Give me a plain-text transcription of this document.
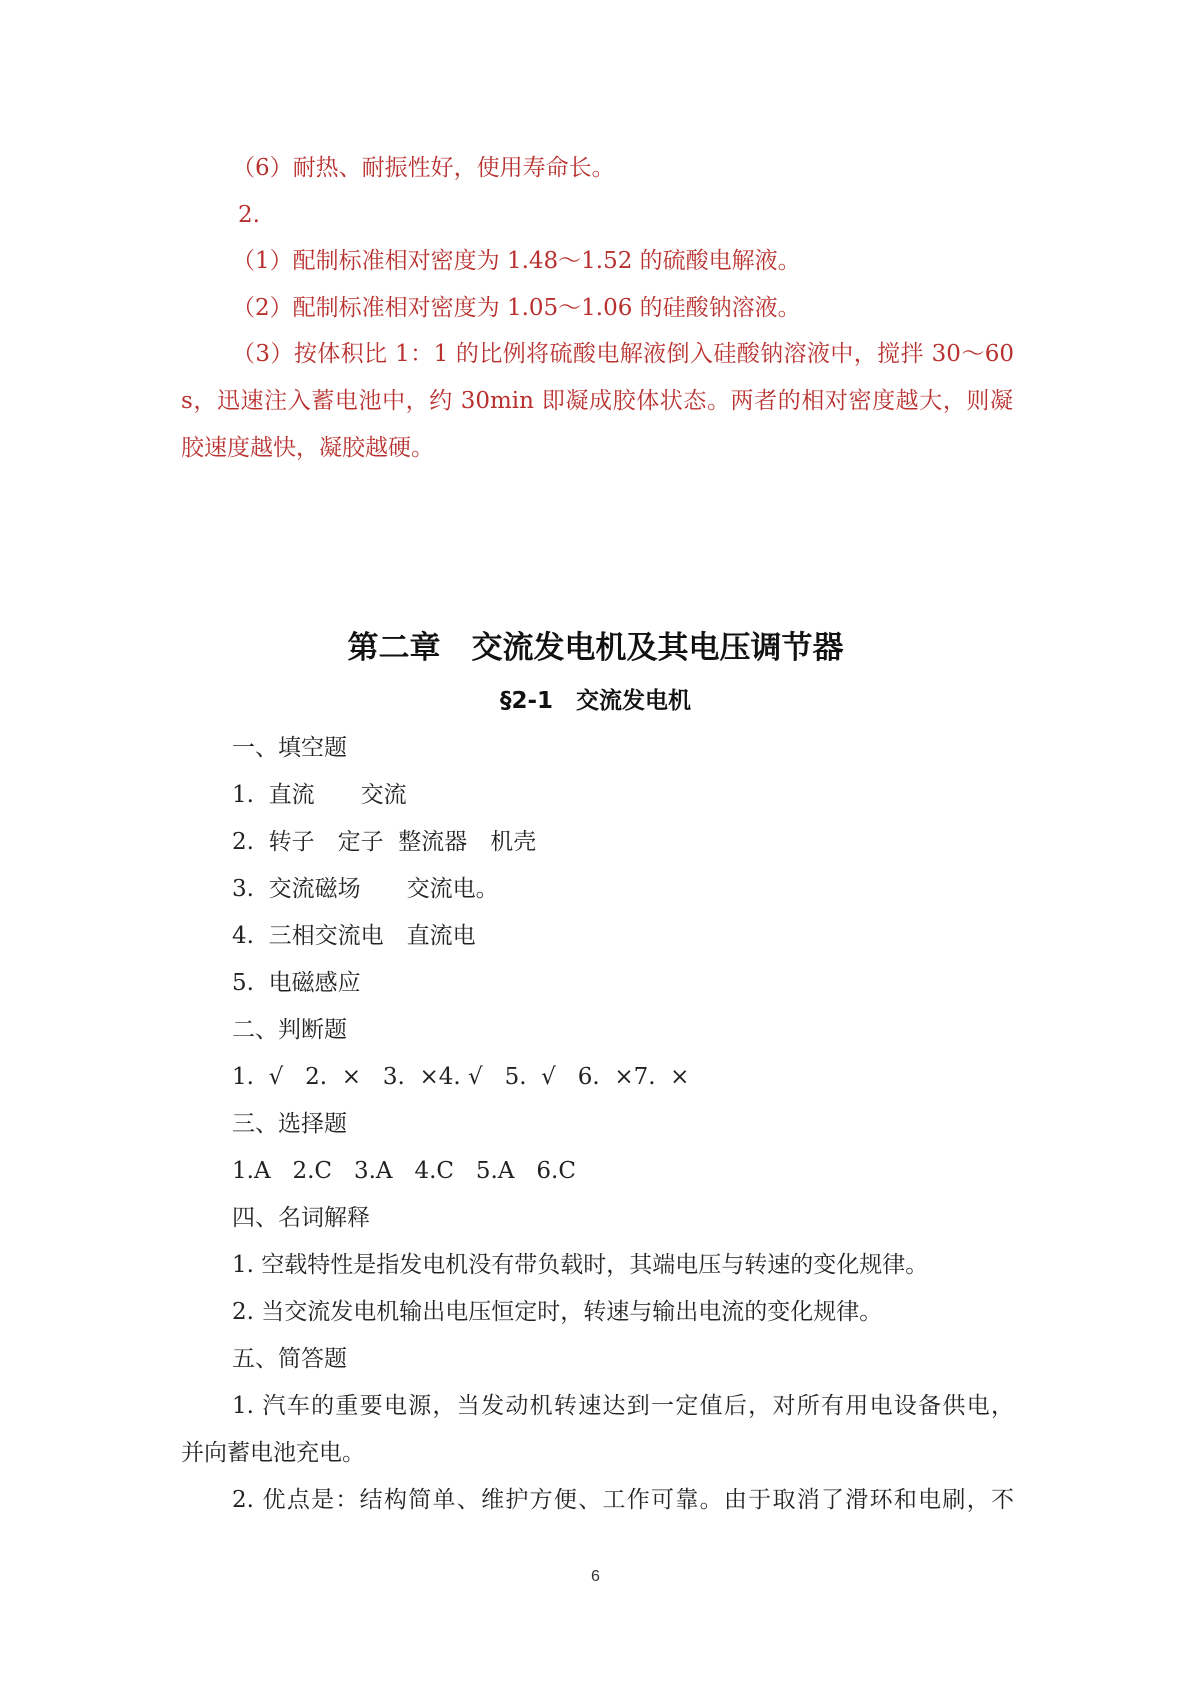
（6）耐热、耐振性好，使用寿命长。
2.
（1）配制标准相对密度为 1.48～1.52 的硫酸电解液。
（2）配制标准相对密度为 1.05～1.06 的硅酸钠溶液。
（3）按体积比 1：1 的比例将硫酸电解液倒入硅酸钠溶液中，搅拌 30～60
s，迅速注入蓄电池中，约 30min 即凝成胶体状态。两者的相对密度越大，则凝
胶速度越快，凝胶越硬。
第二章　交流发电机及其电压调节器
§2-1　交流发电机
一、填空题
1.  直流　　交流
2.  转子　定子  整流器　机壳
3.  交流磁场　　交流电。
4.  三相交流电　直流电
5.  电磁感应
二、判断题
1.  √   2.  ×   3.  ×4. √   5.  √   6.  ×7.  ×
三、选择题
1.A   2.C   3.A   4.C   5.A   6.C
四、名词解释
1. 空载特性是指发电机没有带负载时，其端电压与转速的变化规律。
2. 当交流发电机输出电压恒定时，转速与输出电流的变化规律。
五、简答题
1. 汽车的重要电源，当发动机转速达到一定值后，对所有用电设备供电，
并向蓄电池充电。
2. 优点是：结构简单、维护方便、工作可靠。由于取消了滑环和电刷，不
6
